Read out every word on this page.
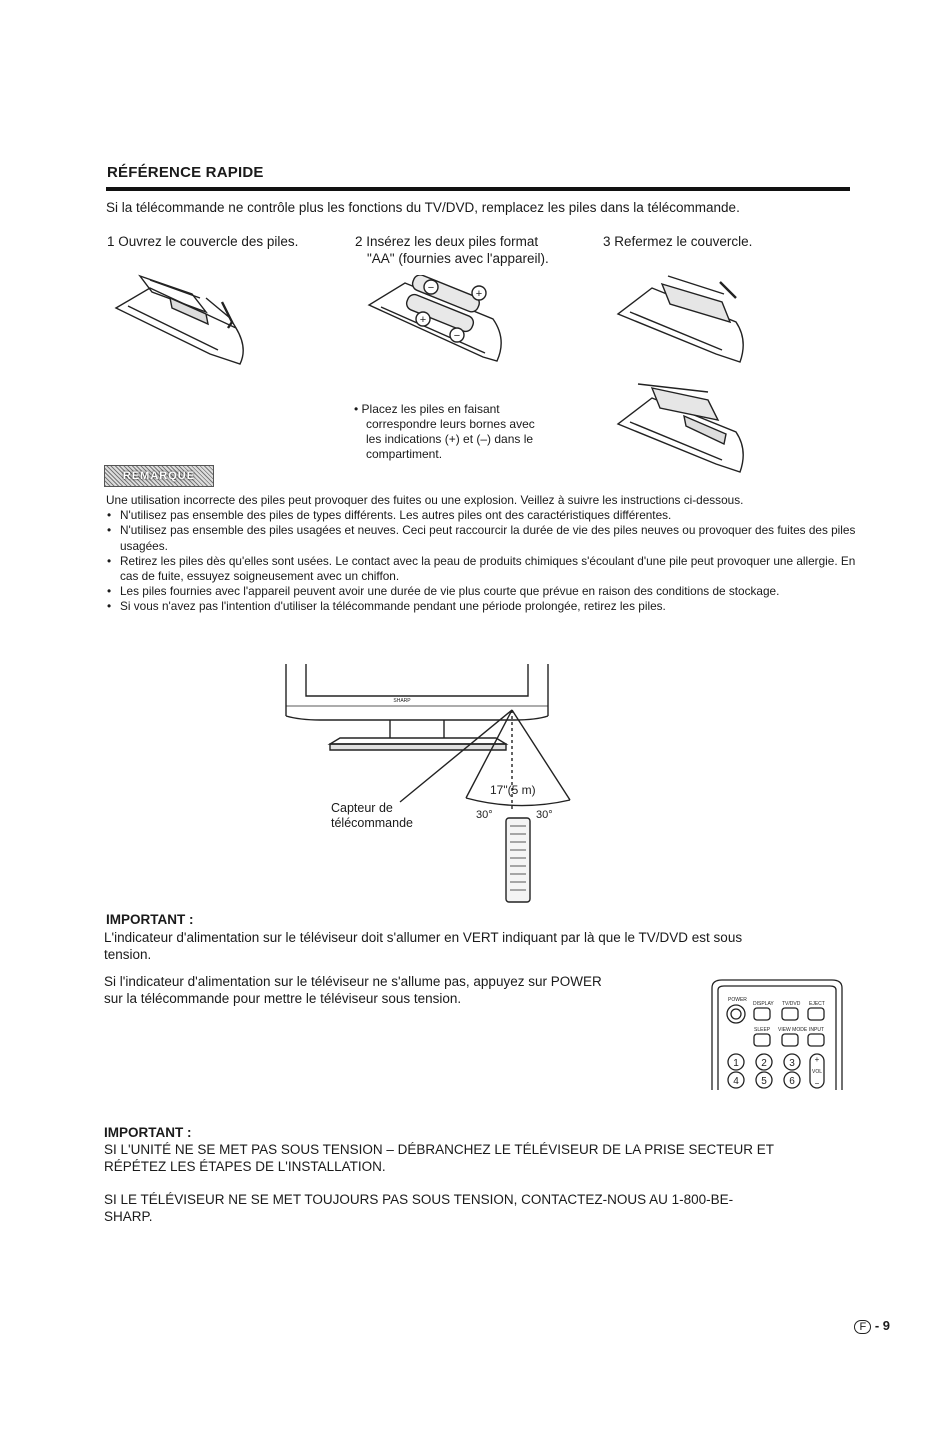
RÉFÉRENCE RAPIDE
Si la télécommande ne contrôle plus les fonctions du TV/DVD, remplacez les piles dans la télécommande.
1 Ouvrez le couvercle des piles.	2 Insérez les deux piles format
"AA" (fournies avec l'appareil).
3 Refermez le couvercle.
+
+
−
−
• Placez les piles en faisant
correspondre leurs bornes avec
les indications (+) et (–) dans le
compartiment.
REMARQUE
Une utilisation incorrecte des piles peut provoquer des fuites ou une explosion. Veillez à suivre les instructions ci-dessous.
• N'utilisez pas ensemble des piles de types différents. Les autres piles ont des caractéristiques différentes.
• N'utilisez pas ensemble des piles usagées et neuves. Ceci peut raccourcir la durée de vie des piles neuves ou provoquer des fuites des piles usagées.
• Retirez les piles dès qu'elles sont usées. Le contact avec la peau de produits chimiques s'écoulant d'une pile peut provoquer une allergie. En cas de fuite, essuyez soigneusement avec un chiffon.
• Les piles fournies avec l'appareil peuvent avoir une durée de vie plus courte que prévue en raison des conditions de stockage.
• Si vous n'avez pas l'intention d'utiliser la télécommande pendant une période prolongée, retirez les piles.
SHARP
17"(5 m)
30°	30°
Capteur de
télécommande
IMPORTANT :
L'indicateur d'alimentation sur le téléviseur doit s'allumer en VERT indiquant par là que le TV/DVD est sous
tension.
Si l'indicateur d'alimentation sur le téléviseur ne s'allume pas, appuyez sur POWER
sur la télécommande pour mettre le téléviseur sous tension.	POWER
DISPLAY TV/DVD EJECT
SLEEP VIEW MODE INPUT
VOL
1 2 3
4 5 6
+
−
IMPORTANT :
SI L'UNITÉ NE SE MET PAS SOUS TENSION – DÉBRANCHEZ LE TÉLÉVISEUR DE LA PRISE SECTEUR ET
RÉPÉTEZ LES ÉTAPES DE L'INSTALLATION.
SI LE TÉLÉVISEUR NE SE MET TOUJOURS PAS SOUS TENSION, CONTACTEZ-NOUS AU 1-800-BE-
SHARP.
F - 9
